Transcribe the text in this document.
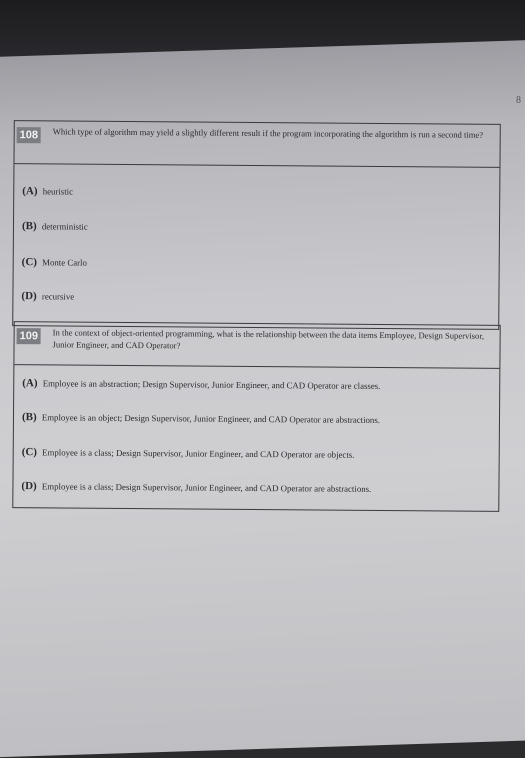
8
108	Which type of algorithm may yield a slightly different result if the program incorporating the algorithm is run a second time?
(A) heuristic
(B) deterministic
(C) Monte Carlo
(D) recursive
109	In the context of object-oriented programming, what is the relationship between the data items Employee, Design Supervisor, Junior Engineer, and CAD Operator?
(A) Employee is an abstraction; Design Supervisor, Junior Engineer, and CAD Operator are classes.
(B) Employee is an object; Design Supervisor, Junior Engineer, and CAD Operator are abstractions.
(C) Employee is a class; Design Supervisor, Junior Engineer, and CAD Operator are objects.
(D) Employee is a class; Design Supervisor, Junior Engineer, and CAD Operator are abstractions.
